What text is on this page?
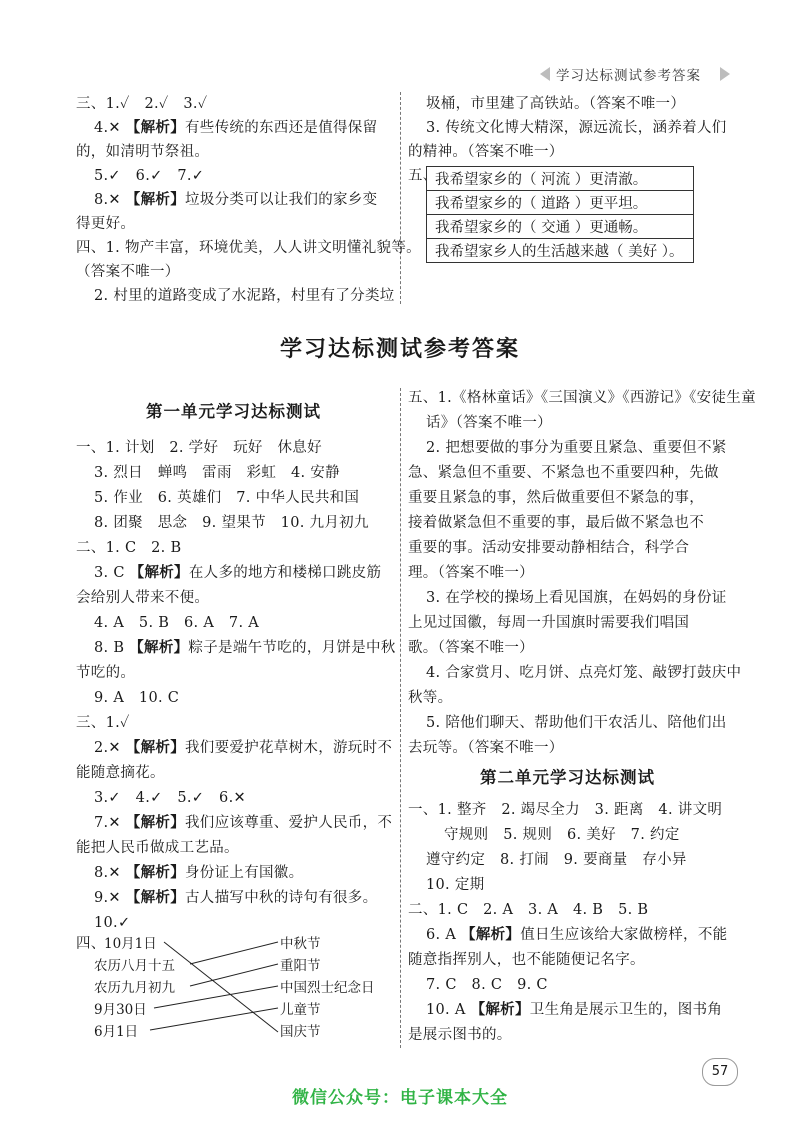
学习达标测试参考答案
三、1.✓　2.✓　3.✓
4.✕ 【解析】有些传统的东西还是值得保留
的，如清明节祭祖。
5.✓　6.✓　7.✓
8.✕ 【解析】垃圾分类可以让我们的家乡变
得更好。
四、1. 物产丰富，环境优美，人人讲文明懂礼貌等。
（答案不唯一）
2. 村里的道路变成了水泥路，村里有了分类垃
圾桶，市里建了高铁站。（答案不唯一）
3. 传统文化博大精深，源远流长，涵养着人们
的精神。（答案不唯一）
五、
我希望家乡的（ 河流 ）更清澈。
我希望家乡的（ 道路 ）更平坦。
我希望家乡的（ 交通 ）更通畅。
我希望家乡人的生活越来越（ 美好 ）。
学习达标测试参考答案
第一单元学习达标测试
一、1. 计划　2. 学好　玩好　休息好
3. 烈日　蝉鸣　雷雨　彩虹　4. 安静
5. 作业　6. 英雄们　7. 中华人民共和国
8. 团聚　思念　9. 望果节　10. 九月初九
二、1. C　2. B
3. C 【解析】在人多的地方和楼梯口跳皮筋
会给别人带来不便。
4. A　5. B　6. A　7. A
8. B 【解析】粽子是端午节吃的，月饼是中秋
节吃的。
9. A　10. C
三、1.✓
2.✕ 【解析】我们要爱护花草树木，游玩时不
能随意摘花。
3.✓　4.✓　5.✓　6.✕
7.✕ 【解析】我们应该尊重、爱护人民币，不
能把人民币做成工艺品。
8.✕ 【解析】身份证上有国徽。
9.✕ 【解析】古人描写中秋的诗句有很多。
10.✓
四、
10月1日
农历八月十五
农历九月初九
9月30日
6月1日
中秋节
重阳节
中国烈士纪念日
儿童节
国庆节
五、1.《格林童话》《三国演义》《西游记》《安徒生童
话》（答案不唯一）
2. 把想要做的事分为重要且紧急、重要但不紧
急、紧急但不重要、不紧急也不重要四种，先做
重要且紧急的事，然后做重要但不紧急的事，
接着做紧急但不重要的事，最后做不紧急也不
重要的事。活动安排要动静相结合，科学合
理。（答案不唯一）
3. 在学校的操场上看见国旗，在妈妈的身份证
上见过国徽，每周一升国旗时需要我们唱国
歌。（答案不唯一）
4. 合家赏月、吃月饼、点亮灯笼、敲锣打鼓庆中
秋等。
5. 陪他们聊天、帮助他们干农活儿、陪他们出
去玩等。（答案不唯一）
第二单元学习达标测试
一、1. 整齐　2. 竭尽全力　3. 距离　4. 讲文明
守规则　5. 规则　6. 美好　7. 约定
遵守约定　8. 打闹　9. 要商量　存小异
10. 定期
二、1. C　2. A　3. A　4. B　5. B
6. A 【解析】值日生应该给大家做榜样，不能
随意指挥别人，也不能随便记名字。
7. C　8. C　9. C
10. A 【解析】卫生角是展示卫生的，图书角
是展示图书的。
57
微信公众号：电子课本大全
